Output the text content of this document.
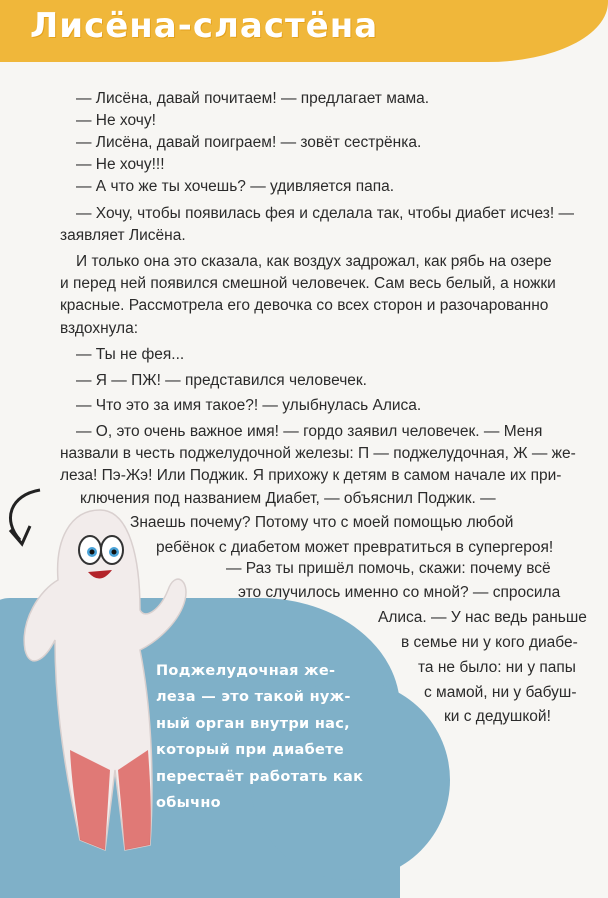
Лисёна-сластёна
— Лисёна, давай почитаем! — предлагает мама.
— Не хочу!
— Лисёна, давай поиграем! — зовёт сестрёнка.
— Не хочу!!!
— А что же ты хочешь? — удивляется папа.
— Хочу, чтобы появилась фея и сделала так, чтобы диабет исчез! —
заявляет Лисёна.
И только она это сказала, как воздух задрожал, как рябь на озере
и перед ней появился смешной человечек. Сам весь белый, а ножки
красные. Рассмотрела его девочка со всех сторон и разочарованно
вздохнула:
— Ты не фея...
— Я — ПЖ! — представился человечек.
— Что это за имя такое?! — улыбнулась Алиса.
— О, это очень важное имя! — гордо заявил человечек. — Меня
назвали в честь поджелудочной железы: П — поджелудочная, Ж — же-
леза! Пэ-Жэ! Или Поджик. Я прихожу к детям в самом начале их при-
ключения под названием Диабет, — объяснил Поджик. —
Знаешь почему? Потому что с моей помощью любой
ребёнок с диабетом может превратиться в супергероя!
— Раз ты пришёл помочь, скажи: почему всё
это случилось именно со мной? — спросила
Алиса. — У нас ведь раньше
в семье ни у кого диабе-
та не было: ни у папы
с мамой, ни у бабуш-
ки с дедушкой!
Поджелудочная же-
леза — это такой нуж-
ный орган внутри нас,
который при диабете
перестаёт работать как
обычно
